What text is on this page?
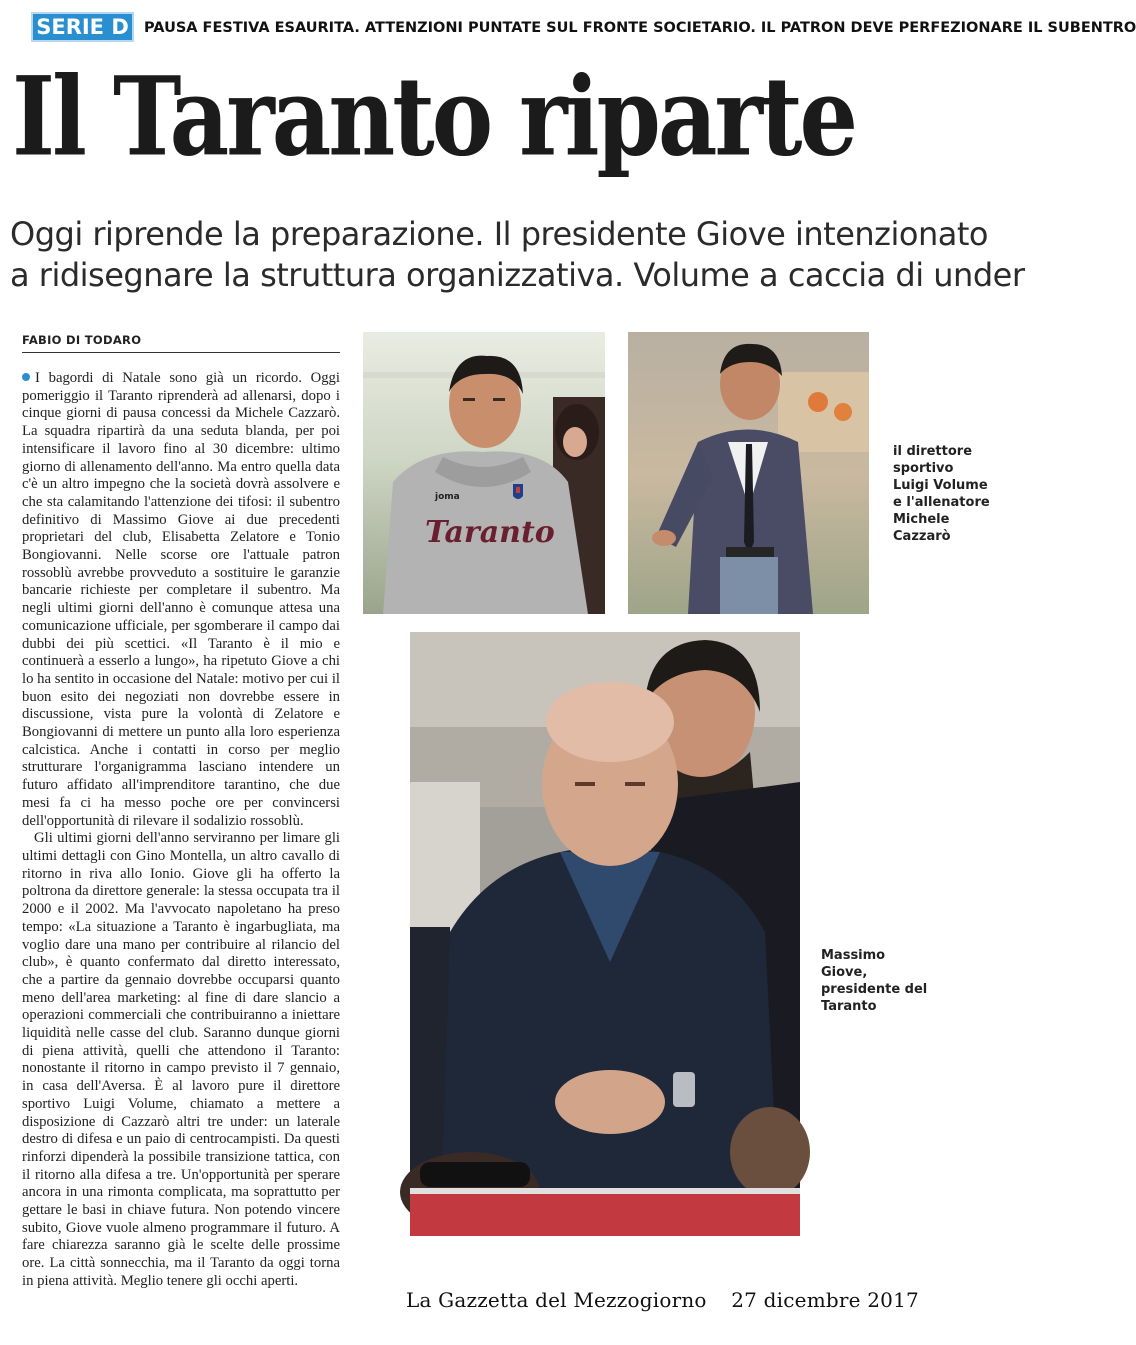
SERIE D	PAUSA FESTIVA ESAURITA. ATTENZIONI PUNTATE SUL FRONTE SOCIETARIO. IL PATRON DEVE PERFEZIONARE IL SUBENTRO
Il Taranto riparte
Oggi riprende la preparazione. Il presidente Giove intenzionato
a ridisegnare la struttura organizzativa. Volume a caccia di under
FABIO DI TODARO

I bagordi di Natale sono già un ricordo. Oggi pomeriggio il Taranto riprenderà ad allenarsi, dopo i cinque giorni di pausa concessi da Michele Cazzarò. La squadra ripartirà da una seduta blanda, per poi intensificare il lavoro fino al 30 dicembre: ultimo giorno di allenamento dell'anno. Ma entro quella data c'è un altro impegno che la società dovrà assolvere e che sta calamitando l'attenzione dei tifosi: il subentro definitivo di Massimo Giove ai due precedenti proprietari del club, Elisabetta Zelatore e Tonio Bongiovanni. Nelle scorse ore l'attuale patron rossoblù avrebbe provveduto a sostituire le garanzie bancarie richieste per completare il subentro. Ma negli ultimi giorni dell'anno è comunque attesa una comunicazione ufficiale, per sgomberare il campo dai dubbi dei più scettici. «Il Taranto è il mio e continuerà a esserlo a lungo», ha ripetuto Giove a chi lo ha sentito in occasione del Natale: motivo per cui il buon esito dei negoziati non dovrebbe essere in discussione, vista pure la volontà di Zelatore e Bongiovanni di mettere un punto alla loro esperienza calcistica. Anche i contatti in corso per meglio strutturare l'organigramma lasciano intendere un futuro affidato all'imprenditore tarantino, che due mesi fa ci ha messo poche ore per convincersi dell'opportunità di rilevare il sodalizio rossoblù.

Gli ultimi giorni dell'anno serviranno per limare gli ultimi dettagli con Gino Montella, un altro cavallo di ritorno in riva allo Ionio. Giove gli ha offerto la poltrona da direttore generale: la stessa occupata tra il 2000 e il 2002. Ma l'avvocato napoletano ha preso tempo: «La situazione a Taranto è ingarbugliata, ma voglio dare una mano per contribuire al rilancio del club», è quanto confermato dal diretto interessato, che a partire da gennaio dovrebbe occuparsi quanto meno dell'area marketing: al fine di dare slancio a operazioni commerciali che contribuiranno a iniettare liquidità nelle casse del club. Saranno dunque giorni di piena attività, quelli che attendono il Taranto: nonostante il ritorno in campo previsto il 7 gennaio, in casa dell'Aversa. È al lavoro pure il direttore sportivo Luigi Volume, chiamato a mettere a disposizione di Cazzarò altri tre under: un laterale destro di difesa e un paio di centrocampisti. Da questi rinforzi dipenderà la possibile transizione tattica, con il ritorno alla difesa a tre. Un'opportunità per sperare ancora in una rimonta complicata, ma soprattutto per gettare le basi in chiave futura. Non potendo vincere subito, Giove vuole almeno programmare il futuro. A fare chiarezza saranno già le scelte delle prossime ore. La città sonnecchia, ma il Taranto da oggi torna in piena attività. Meglio tenere gli occhi aperti.

joma
Taranto
il direttore sportivo Luigi Volume e l'allenatore Michele Cazzarò
Massimo Giove, presidente del Taranto
La Gazzetta del Mezzogiorno 27 dicembre 2017
